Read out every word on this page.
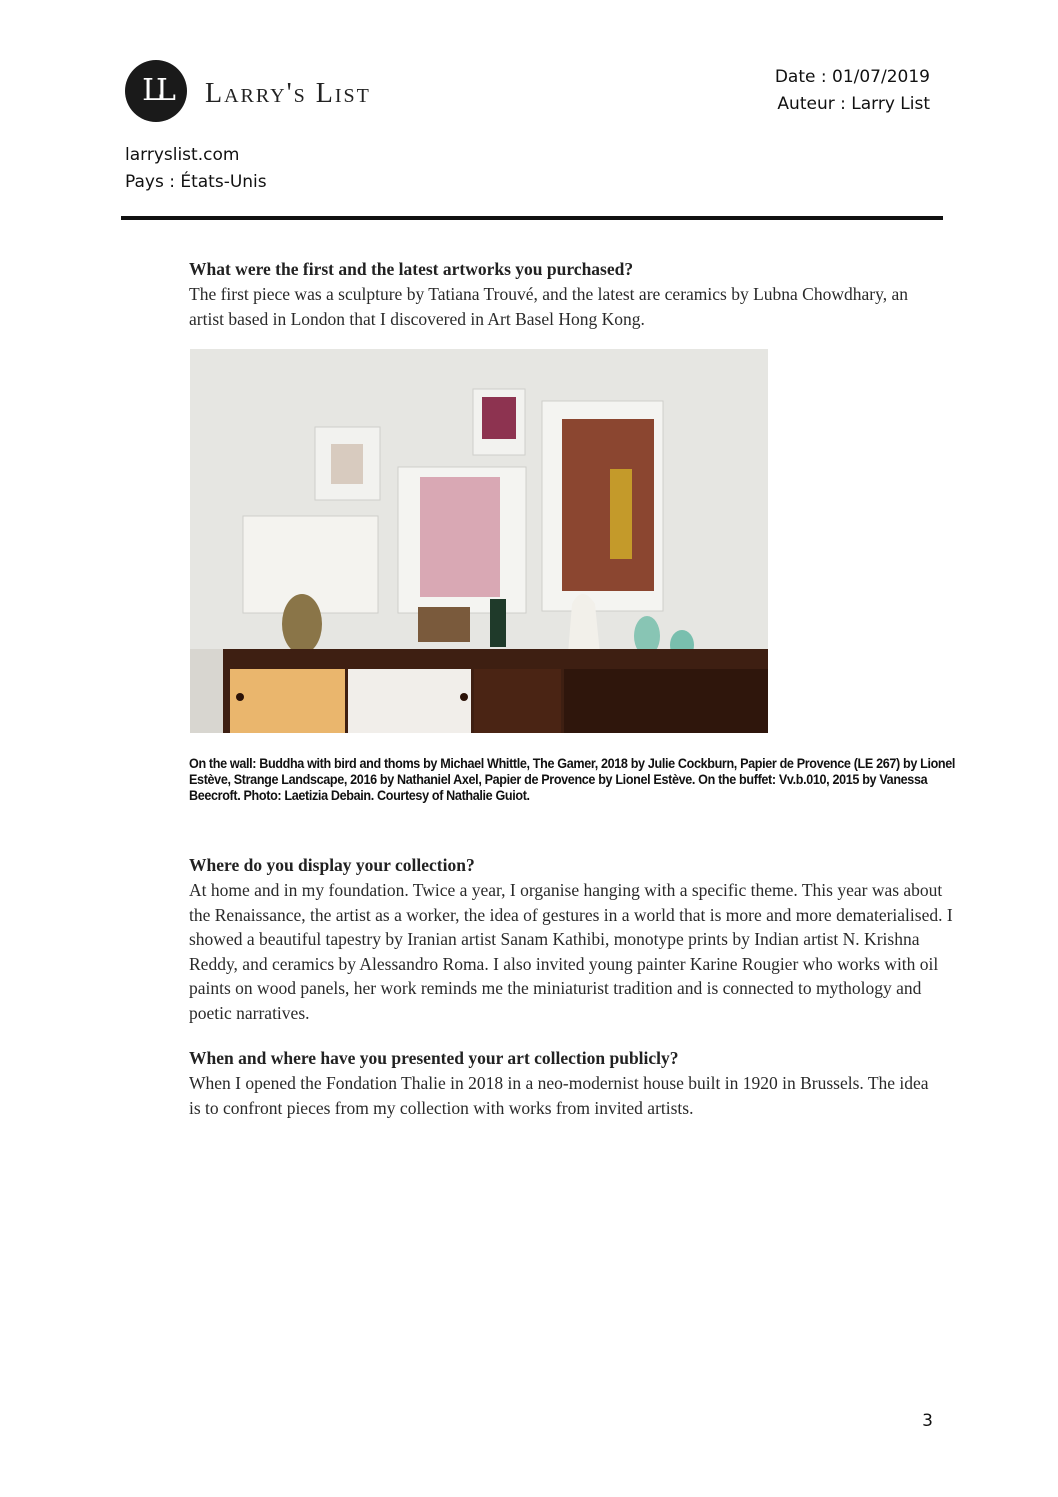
LL	Larry's List
Date : 01/07/2019
Auteur : Larry List
larryslist.com
Pays : États-Unis

What were the first and the latest artworks you purchased?

The first piece was a sculpture by Tatiana Trouvé, and the latest are ceramics by Lubna Chowdhary, an artist based in London that I discovered in Art Basel Hong Kong.

On the wall: Buddha with bird and thoms by Michael Whittle, The Gamer, 2018 by Julie Cockburn, Papier de Provence (LE 267) by Lionel Estève, Strange Landscape, 2016 by Nathaniel Axel, Papier de Provence by Lionel Estève. On the buffet: Vv.b.010, 2015 by Vanessa Beecroft. Photo: Laetizia Debain. Courtesy of Nathalie Guiot.

Where do you display your collection?

At home and in my foundation. Twice a year, I organise hanging with a specific theme. This year was about the Renaissance, the artist as a worker, the idea of gestures in a world that is more and more dematerialised. I showed a beautiful tapestry by Iranian artist Sanam Kathibi, monotype prints by Indian artist N. Krishna Reddy, and ceramics by Alessandro Roma. I also invited young painter Karine Rougier who works with oil paints on wood panels, her work reminds me the miniaturist tradition and is connected to mythology and poetic narratives.

When and where have you presented your art collection publicly?

When I opened the Fondation Thalie in 2018 in a neo-modernist house built in 1920 in Brussels. The idea is to confront pieces from my collection with works from invited artists.

3
